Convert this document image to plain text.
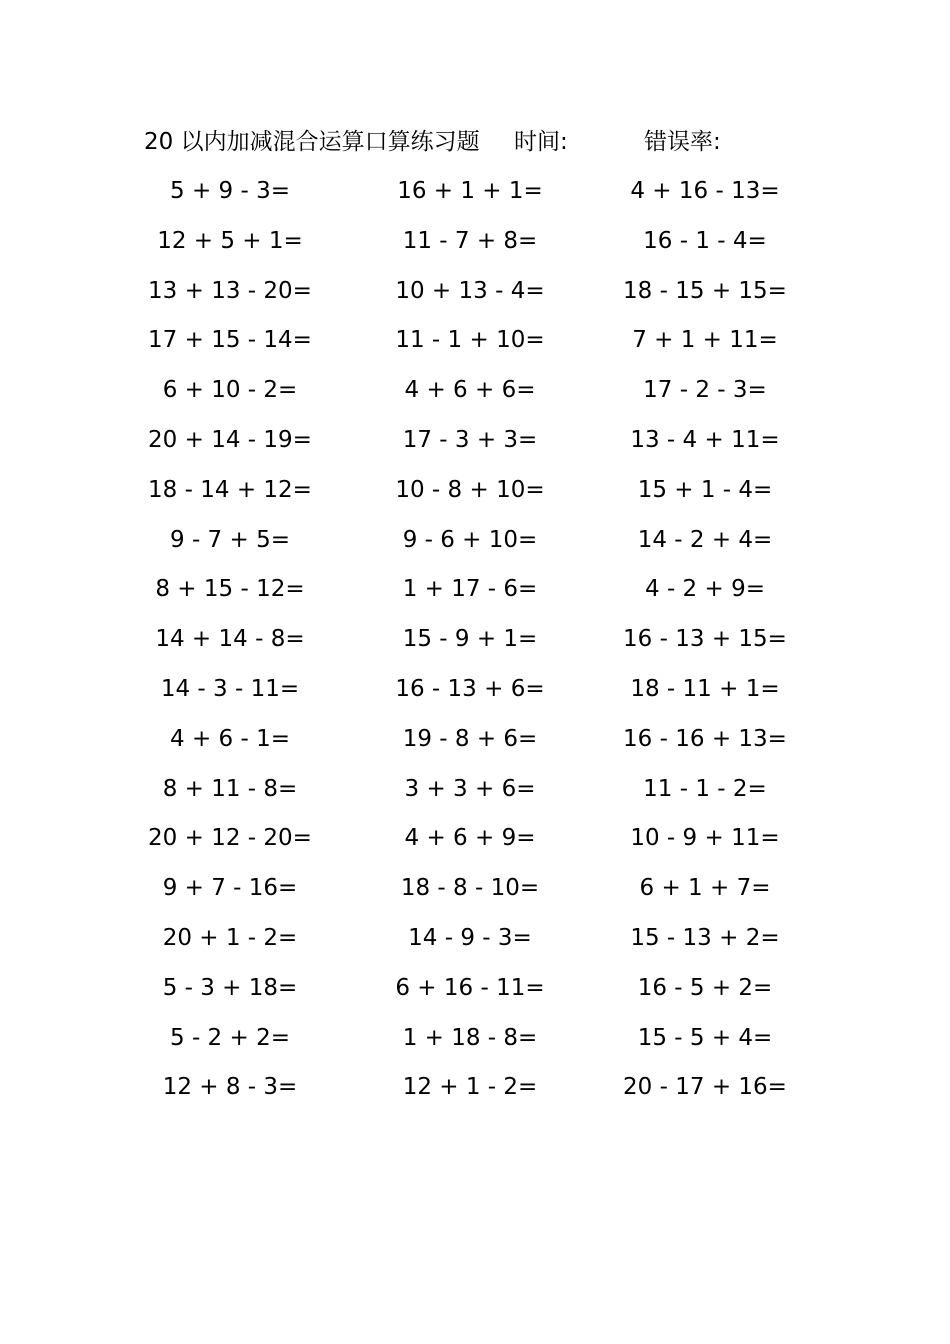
20 以内加减混合运算口算练习题 时间:	错误率:
5 + 9 - 3=	16 + 1 + 1=	4 + 16 - 13=
12 + 5 + 1=	11 - 7 + 8=	16 - 1 - 4=
13 + 13 - 20=	10 + 13 - 4=	18 - 15 + 15=
17 + 15 - 14=	11 - 1 + 10=	7 + 1 + 11=
6 + 10 - 2=	4 + 6 + 6=	17 - 2 - 3=
20 + 14 - 19=	17 - 3 + 3=	13 - 4 + 11=
18 - 14 + 12=	10 - 8 + 10=	15 + 1 - 4=
9 - 7 + 5=	9 - 6 + 10=	14 - 2 + 4=
8 + 15 - 12=	1 + 17 - 6=	4 - 2 + 9=
14 + 14 - 8=	15 - 9 + 1=	16 - 13 + 15=
14 - 3 - 11=	16 - 13 + 6=	18 - 11 + 1=
4 + 6 - 1=	19 - 8 + 6=	16 - 16 + 13=
8 + 11 - 8=	3 + 3 + 6=	11 - 1 - 2=
20 + 12 - 20=	4 + 6 + 9=	10 - 9 + 11=
9 + 7 - 16=	18 - 8 - 10=	6 + 1 + 7=
20 + 1 - 2=	14 - 9 - 3=	15 - 13 + 2=
5 - 3 + 18=	6 + 16 - 11=	16 - 5 + 2=
5 - 2 + 2=	1 + 18 - 8=	15 - 5 + 4=
12 + 8 - 3=	12 + 1 - 2=	20 - 17 + 16=
